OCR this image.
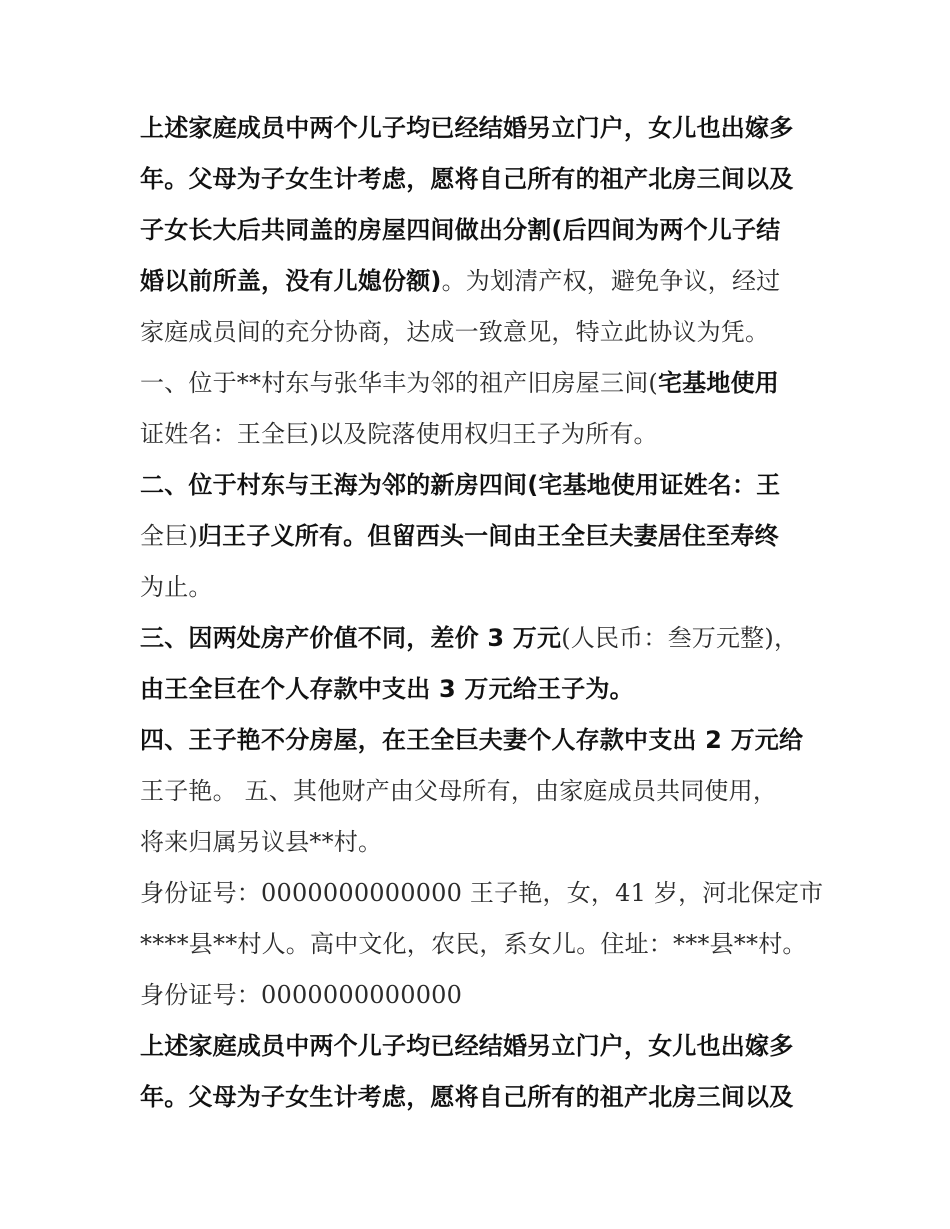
上述家庭成员中两个儿子均已经结婚另立门户，女儿也出嫁多
年。父母为子女生计考虑，愿将自己所有的祖产北房三间以及
子女长大后共同盖的房屋四间做出分割(后四间为两个儿子结
婚以前所盖，没有儿媳份额)。为划清产权，避免争议，经过
家庭成员间的充分协商，达成一致意见，特立此协议为凭。
一、位于**村东与张华丰为邻的祖产旧房屋三间(宅基地使用
证姓名：王全巨)以及院落使用权归王子为所有。
二、位于村东与王海为邻的新房四间(宅基地使用证姓名：王
全巨)归王子义所有。但留西头一间由王全巨夫妻居住至寿终
为止。
三、因两处房产价值不同，差价 3 万元(人民币：叁万元整)，
由王全巨在个人存款中支出 3 万元给王子为。
四、王子艳不分房屋，在王全巨夫妻个人存款中支出 2 万元给
王子艳。 五、其他财产由父母所有，由家庭成员共同使用，
将来归属另议县**村。
身份证号：0000000000000 王子艳，女，41 岁，河北保定市
****县**村人。高中文化，农民，系女儿。住址：***县**村。
身份证号：0000000000000
上述家庭成员中两个儿子均已经结婚另立门户，女儿也出嫁多
年。父母为子女生计考虑，愿将自己所有的祖产北房三间以及
